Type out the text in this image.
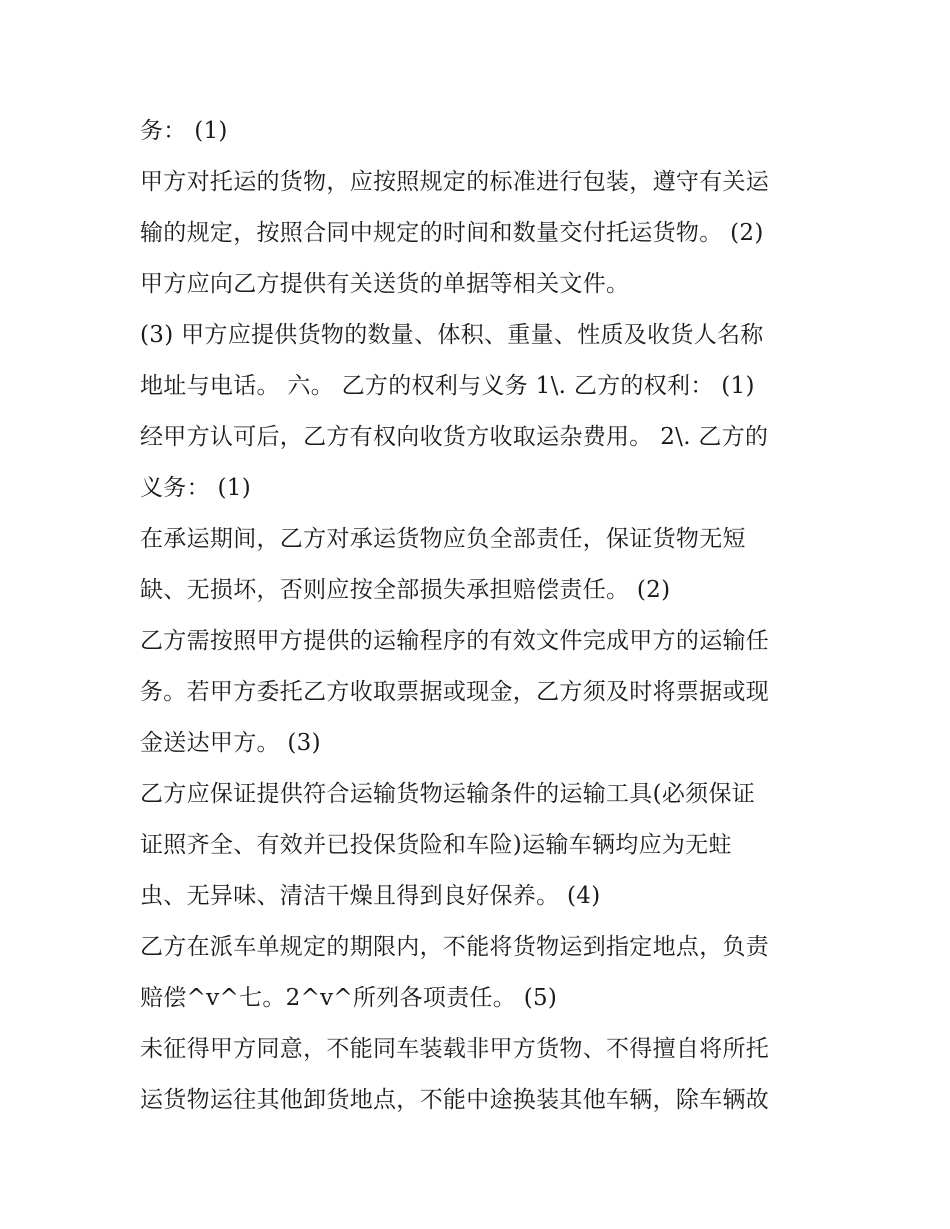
务： (1)
甲方对托运的货物，应按照规定的标准进行包装，遵守有关运
输的规定，按照合同中规定的时间和数量交付托运货物。 (2)
甲方应向乙方提供有关送货的单据等相关文件。
(3) 甲方应提供货物的数量、体积、重量、性质及收货人名称
地址与电话。 六。 乙方的权利与义务 1\. 乙方的权利： (1)
经甲方认可后，乙方有权向收货方收取运杂费用。 2\. 乙方的
义务： (1)
在承运期间，乙方对承运货物应负全部责任，保证货物无短
缺、无损坏，否则应按全部损失承担赔偿责任。 (2)
乙方需按照甲方提供的运输程序的有效文件完成甲方的运输任
务。若甲方委托乙方收取票据或现金，乙方须及时将票据或现
金送达甲方。 (3)
乙方应保证提供符合运输货物运输条件的运输工具(必须保证
证照齐全、有效并已投保货险和车险)运输车辆均应为无蛀
虫、无异味、清洁干燥且得到良好保养。 (4)
乙方在派车单规定的期限内，不能将货物运到指定地点，负责
赔偿^v^七。2^v^所列各项责任。 (5)
未征得甲方同意，不能同车装载非甲方货物、不得擅自将所托
运货物运往其他卸货地点，不能中途换装其他车辆，除车辆故
